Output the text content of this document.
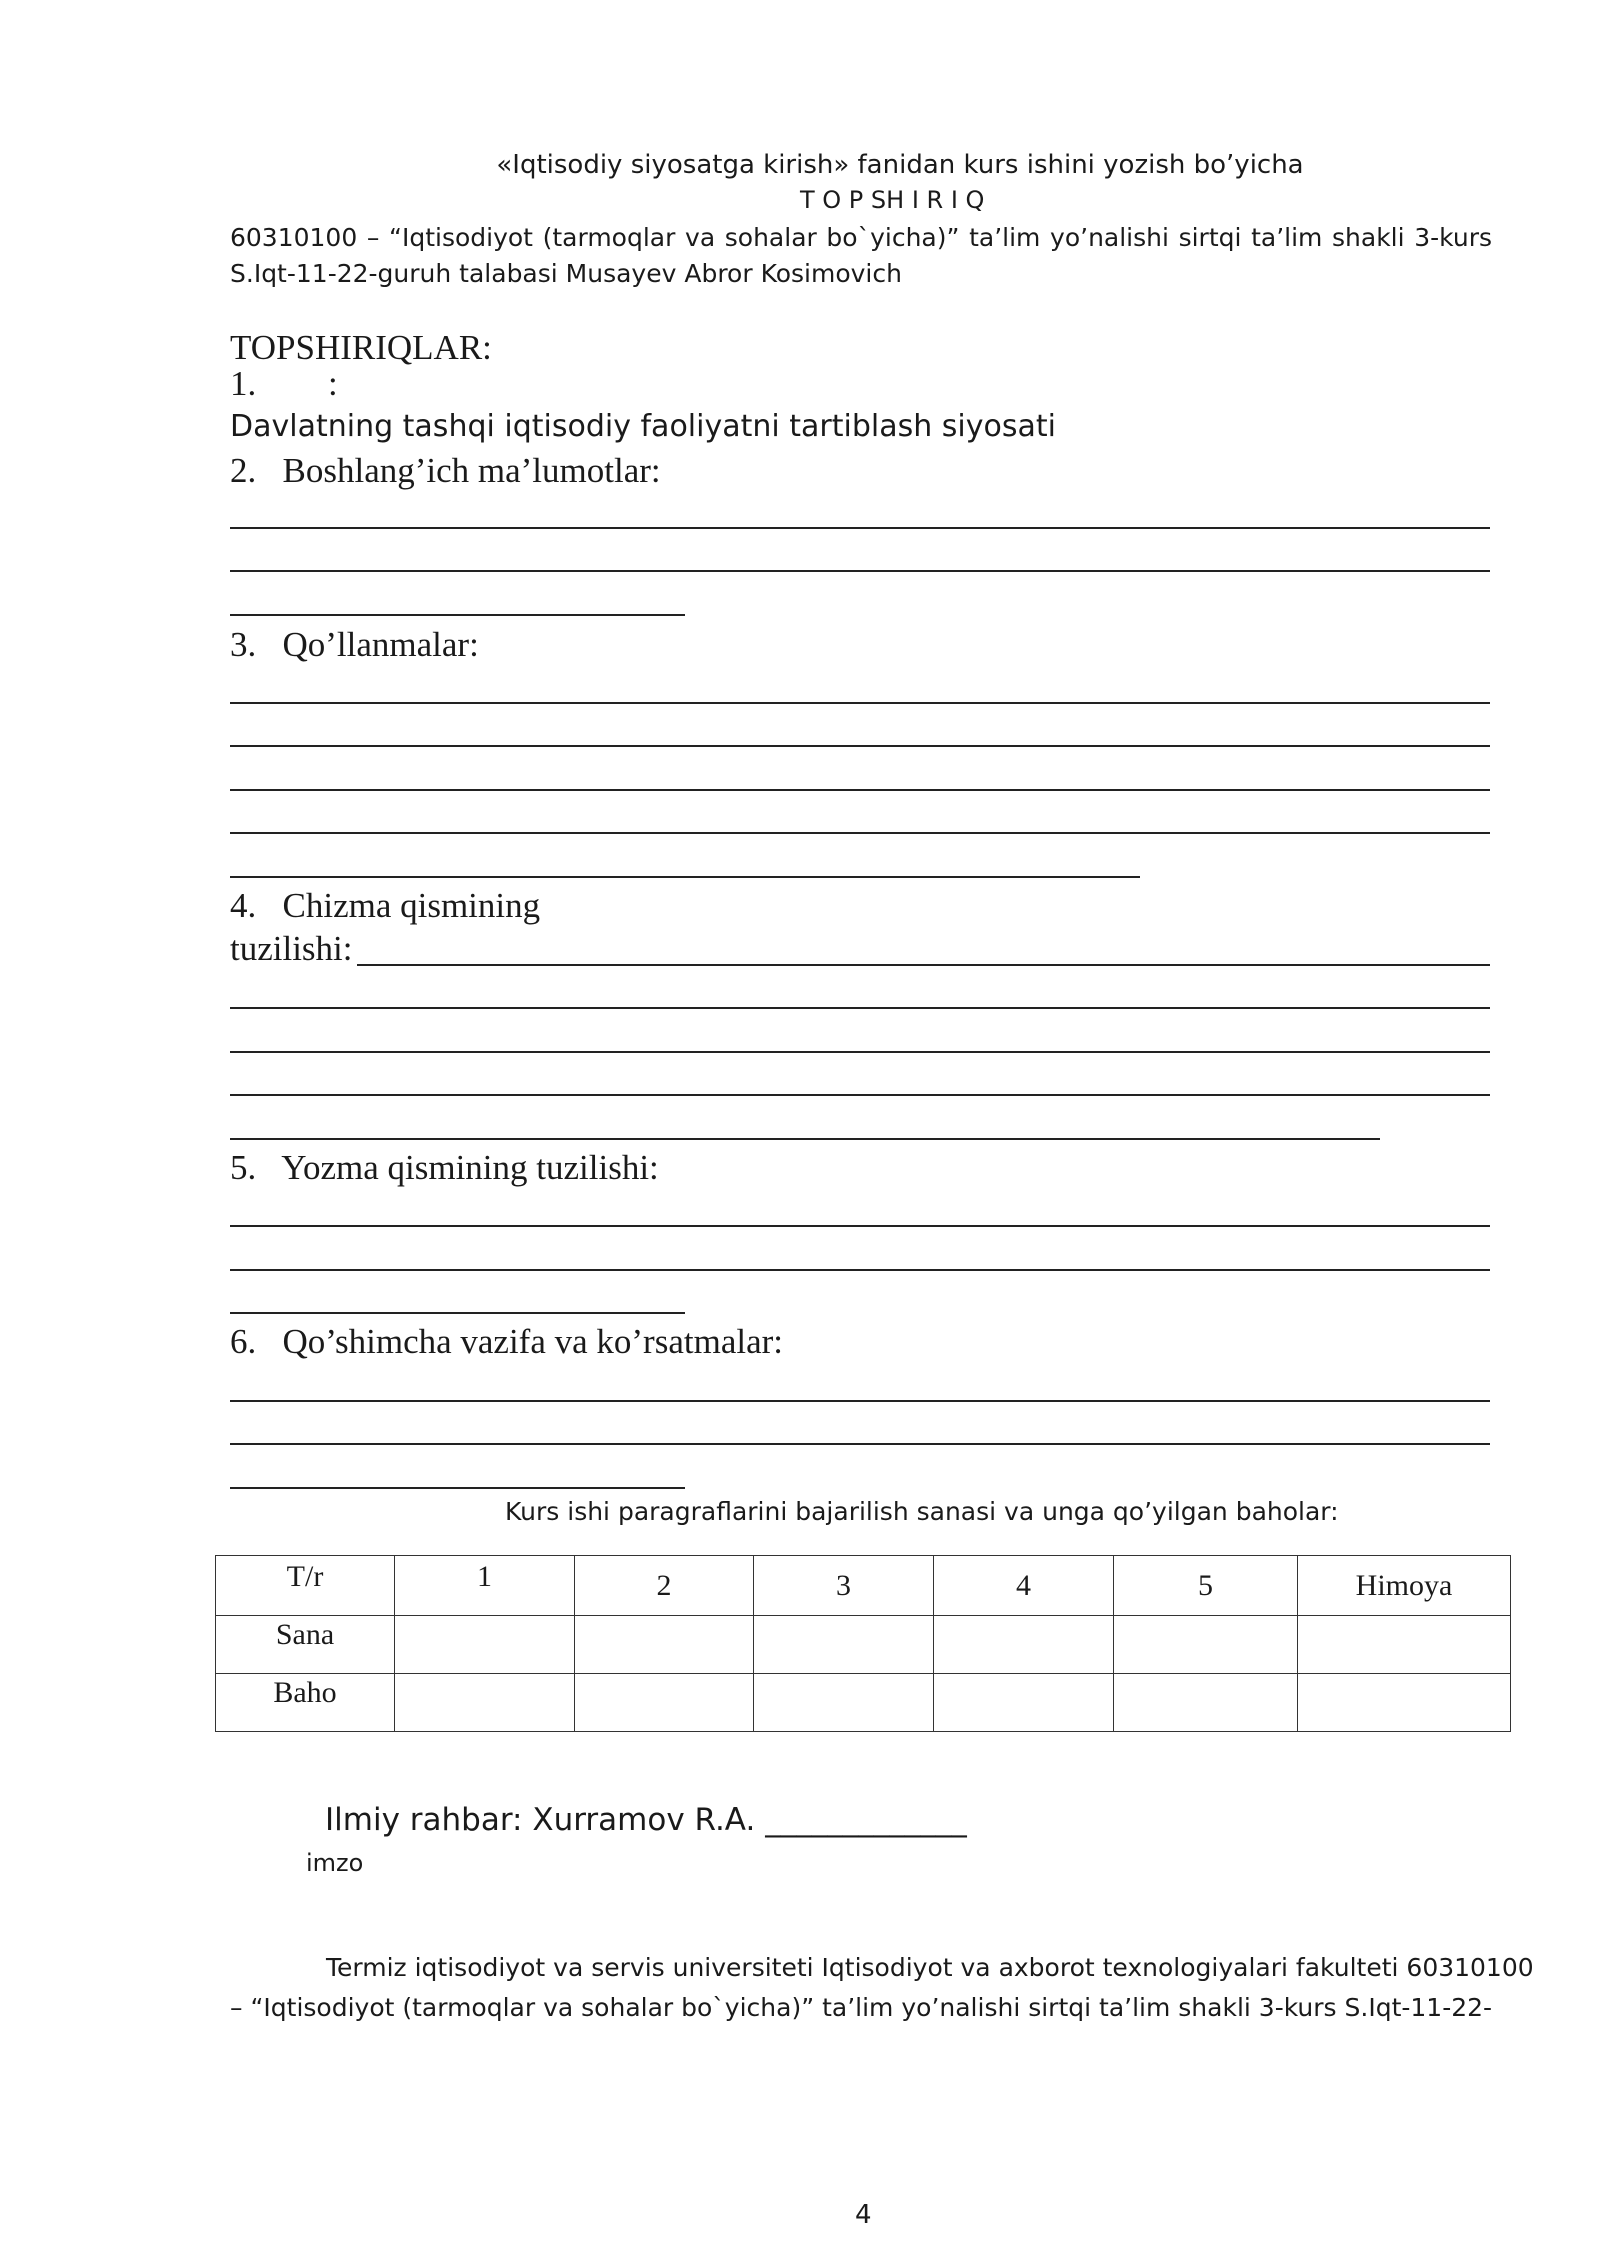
«Iqtisodiy siyosatga kirish» fanidan kurs ishini yozish bo’yicha
T O P SH I R I Q
60310100 – “Iqtisodiyot (tarmoqlar va sohalar bo`yicha)” ta’lim yo’nalishi sirtqi ta’lim shakli 3-kurs
S.Iqt-11-22-guruh talabasi Musayev Abror Kosimovich
TOPSHIRIQLAR:
1. :
Davlatning tashqi iqtisodiy faoliyatni tartiblash siyosati
2.   Boshlang’ich ma’lumotlar:
3.   Qo’llanmalar:
4.   Chizma qismining
tuzilishi:
5.   Yozma qismining tuzilishi:
6.   Qo’shimcha vazifa va ko’rsatmalar:
Kurs ishi paragraflarini bajarilish sanasi va unga qo’yilgan baholar:
T/r	1	2	3	4	5	Himoya
Sana						
Baho						
Ilmiy rahbar: Xurramov R.A. _____________
imzo
Termiz iqtisodiyot va servis universiteti Iqtisodiyot va axborot texnologiyalari fakulteti 60310100
– “Iqtisodiyot (tarmoqlar va sohalar bo`yicha)” ta’lim yo’nalishi sirtqi ta’lim shakli 3-kurs S.Iqt-11-22-
4
